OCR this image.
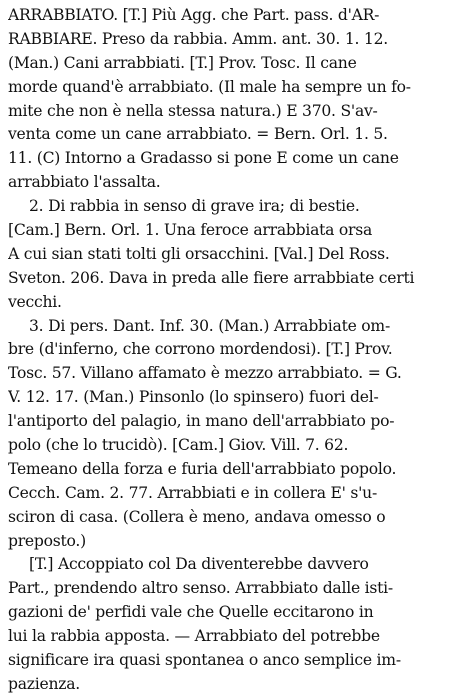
ARRABBIATO. [T.] Più Agg. che Part. pass. d'AR-
RABBIARE. Preso da rabbia. Amm. ant. 30. 1. 12.
(Man.) Cani arrabbiati. [T.] Prov. Tosc. Il cane
morde quand'è arrabbiato. (Il male ha sempre un fo-
mite che non è nella stessa natura.) E 370. S'av-
venta come un cane arrabbiato. = Bern. Orl. 1. 5.
11. (C) Intorno a Gradasso si pone E come un cane
arrabbiato l'assalta.
2. Di rabbia in senso di grave ira; di bestie.
[Cam.] Bern. Orl. 1. Una feroce arrabbiata orsa
A cui sian stati tolti gli orsacchini. [Val.] Del Ross.
Sveton. 206. Dava in preda alle fiere arrabbiate certi
vecchi.
3. Di pers. Dant. Inf. 30. (Man.) Arrabbiate om-
bre (d'inferno, che corrono mordendosi). [T.] Prov.
Tosc. 57. Villano affamato è mezzo arrabbiato. = G.
V. 12. 17. (Man.) Pinsonlo (lo spinsero) fuori del-
l'antiporto del palagio, in mano dell'arrabbiato po-
polo (che lo trucidò). [Cam.] Giov. Vill. 7. 62.
Temeano della forza e furia dell'arrabbiato popolo.
Cecch. Cam. 2. 77. Arrabbiati e in collera E' s'u-
sciron di casa. (Collera è meno, andava omesso o
preposto.)
[T.] Accoppiato col Da diventerebbe davvero
Part., prendendo altro senso. Arrabbiato dalle isti-
gazioni de' perfidi vale che Quelle eccitarono in
lui la rabbia apposta. — Arrabbiato del potrebbe
significare ira quasi spontanea o anco semplice im-
pazienza.
